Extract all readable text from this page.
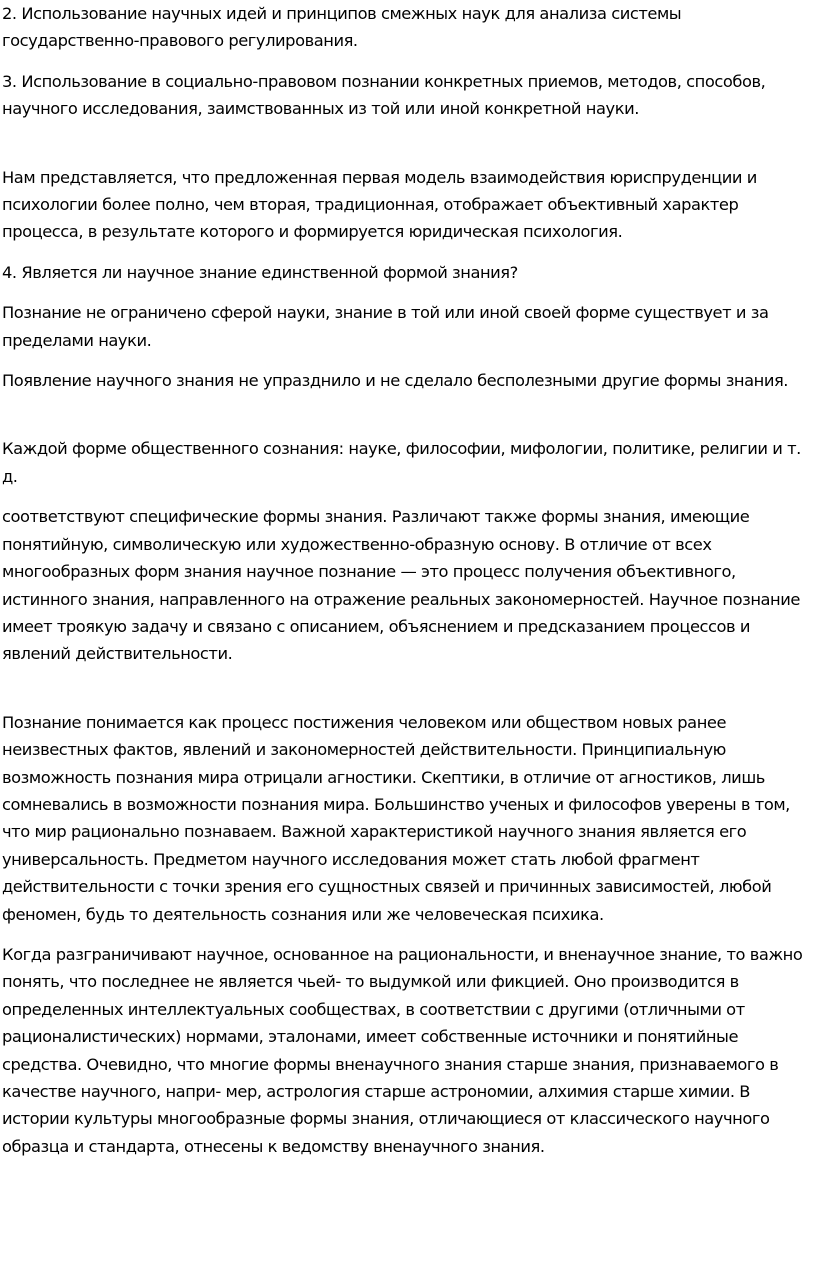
2. Использование научных идей и принципов смежных наук для анализа системы государственно-правового регулирования.

3. Использование в социально-правовом познании конкретных приемов, методов, способов, научного исследования, заимствованных из той или иной конкретной науки.

Нам представляется, что предложенная первая модель взаимодействия юриспруденции и психологии более полно, чем вторая, традиционная, отображает объективный характер процесса, в результате которого и формируется юридическая психология.

4. Является ли научное знание единственной формой знания?

Познание не ограничено сферой науки, знание в той или иной своей форме существует и за пределами науки.

Появление научного знания не упразднило и не сделало бесполезными другие формы знания.

Каждой форме общественного сознания: науке, философии, мифологии, политике, религии и т. д.

соответствуют специфические формы знания. Различают также формы знания, имеющие понятийную, символическую или художественно-образную основу. В отличие от всех многообразных форм знания научное познание — это процесс получения объективного, истинного знания, направленного на отражение реальных закономерностей. Научное познание имеет троякую задачу и связано с описанием, объяснением и предсказанием процессов и явлений действительности.

Познание понимается как процесс постижения человеком или обществом новых ранее неизвестных фактов, явлений и закономерностей действительности. Принципиальную возможность познания мира отрицали агностики. Скептики, в отличие от агностиков, лишь сомневались в возможности познания мира. Большинство ученых и философов уверены в том, что мир рационально познаваем. Важной характеристикой научного знания является его универсальность. Предметом научного исследования может стать любой фрагмент действительности с точки зрения его сущностных связей и причинных зависимостей, любой феномен, будь то деятельность сознания или же человеческая психика.

Когда разграничивают научное, основанное на рациональности, и вненаучное знание, то важно понять, что последнее не является чьей- то выдумкой или фикцией. Оно производится в определенных интеллектуальных сообществах, в соответствии с другими (отличными от рационалистических) нормами, эталонами, имеет собственные источники и понятийные средства. Очевидно, что многие формы вненаучного знания старше знания, признаваемого в качестве научного, напри- мер, астрология старше астрономии, алхимия старше химии. В истории культуры многообразные формы знания, отличающиеся от классического научного образца и стандарта, отнесены к ведомству вненаучного знания.
